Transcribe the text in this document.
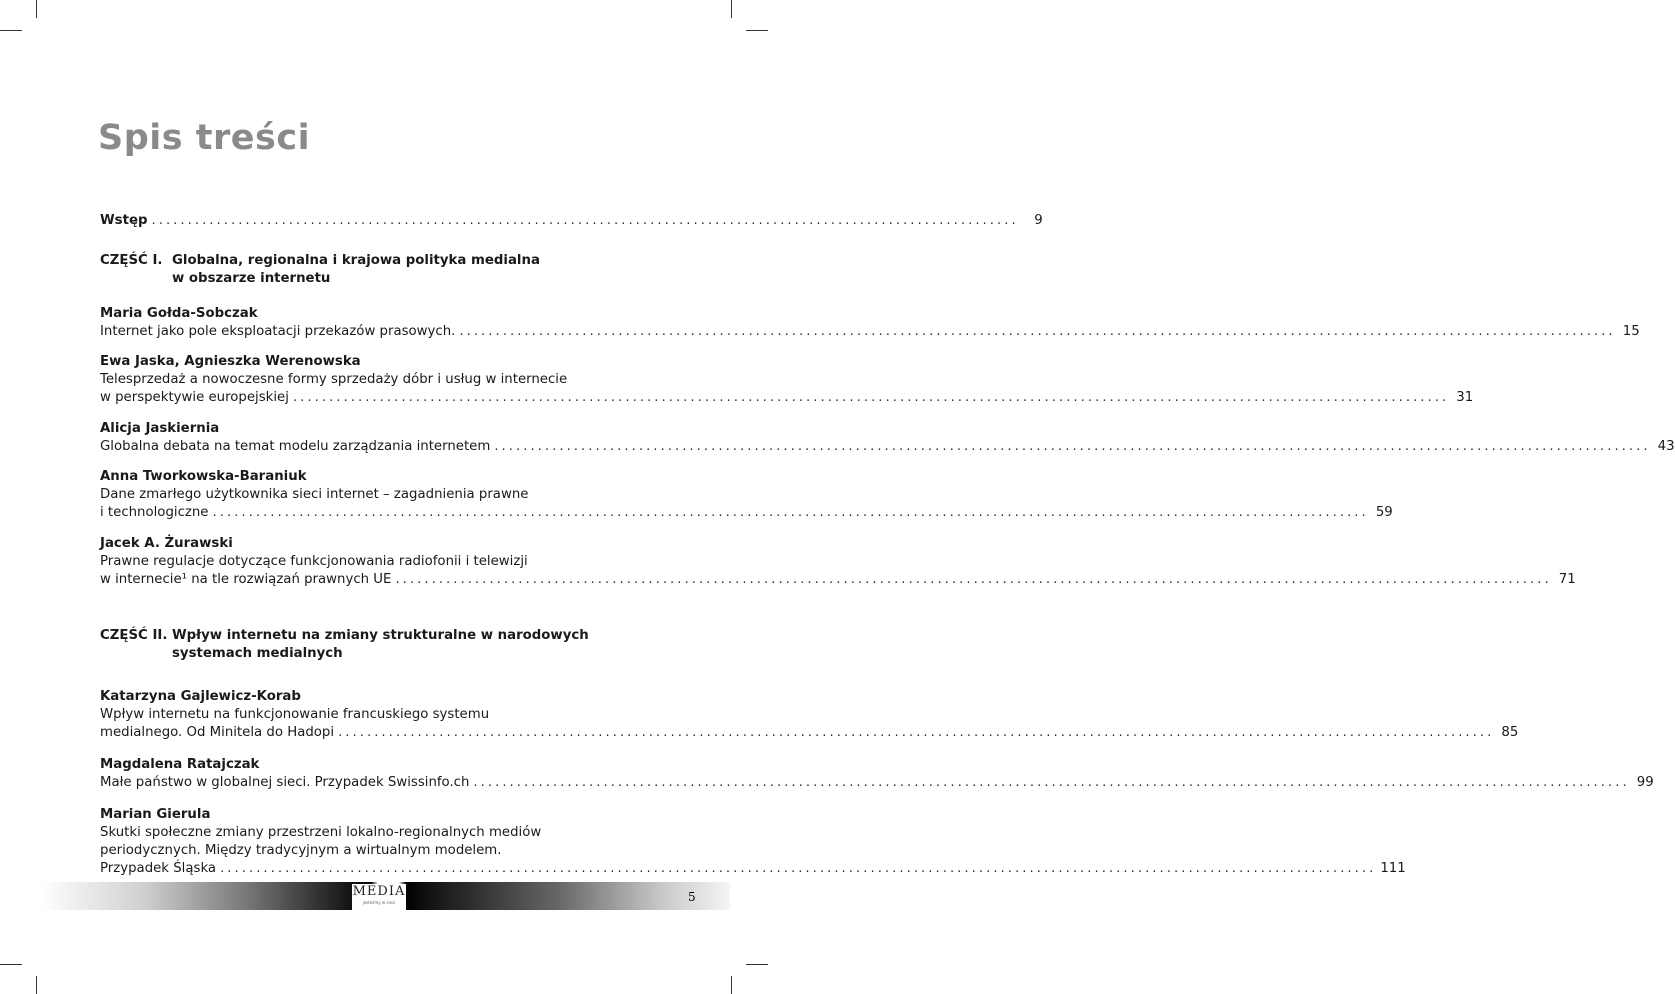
Spis treści
Wstęp ........................................................................................................................	9
CZĘŚĆ I. Globalna, regionalna i krajowa polityka medialna
w obszarze internetu
CZĘŚĆ II. Wpływ internetu na zmiany strukturalne w narodowych
systemach medialnych
Maria Gołda-Sobczak
Internet jako pole eksploatacji przekazów prasowych. ................................................................................................................................................................ 15
Ewa Jaska, Agnieszka Werenowska
Telesprzedaż a nowoczesne formy sprzedaży dóbr i usług w internecie
w perspektywie europejskiej ................................................................................................................................................................ 31
Alicja Jaskiernia
Globalna debata na temat modelu zarządzania internetem ................................................................................................................................................................ 43
Anna Tworkowska-Baraniuk
Dane zmarłego użytkownika sieci internet – zagadnienia prawne
i technologiczne ................................................................................................................................................................ 59
Jacek A. Żurawski
Prawne regulacje dotyczące funkcjonowania radiofonii i telewizji
w internecie¹ na tle rozwiązań prawnych UE ................................................................................................................................................................ 71
Katarzyna Gajlewicz-Korab
Wpływ internetu na funkcjonowanie francuskiego systemu
medialnego. Od Minitela do Hadopi ................................................................................................................................................................ 85
Magdalena Ratajczak
Małe państwo w globalnej sieci. Przypadek Swissinfo.ch ................................................................................................................................................................ 99
Marian Gierula
Skutki społeczne zmiany przestrzeni lokalno-regionalnych mediów
periodycznych. Między tradycyjnym a wirtualnym modelem.
Przypadek Śląska ................................................................................................................................................................ 111
MEDIA
jesteśmy w sieci	5
